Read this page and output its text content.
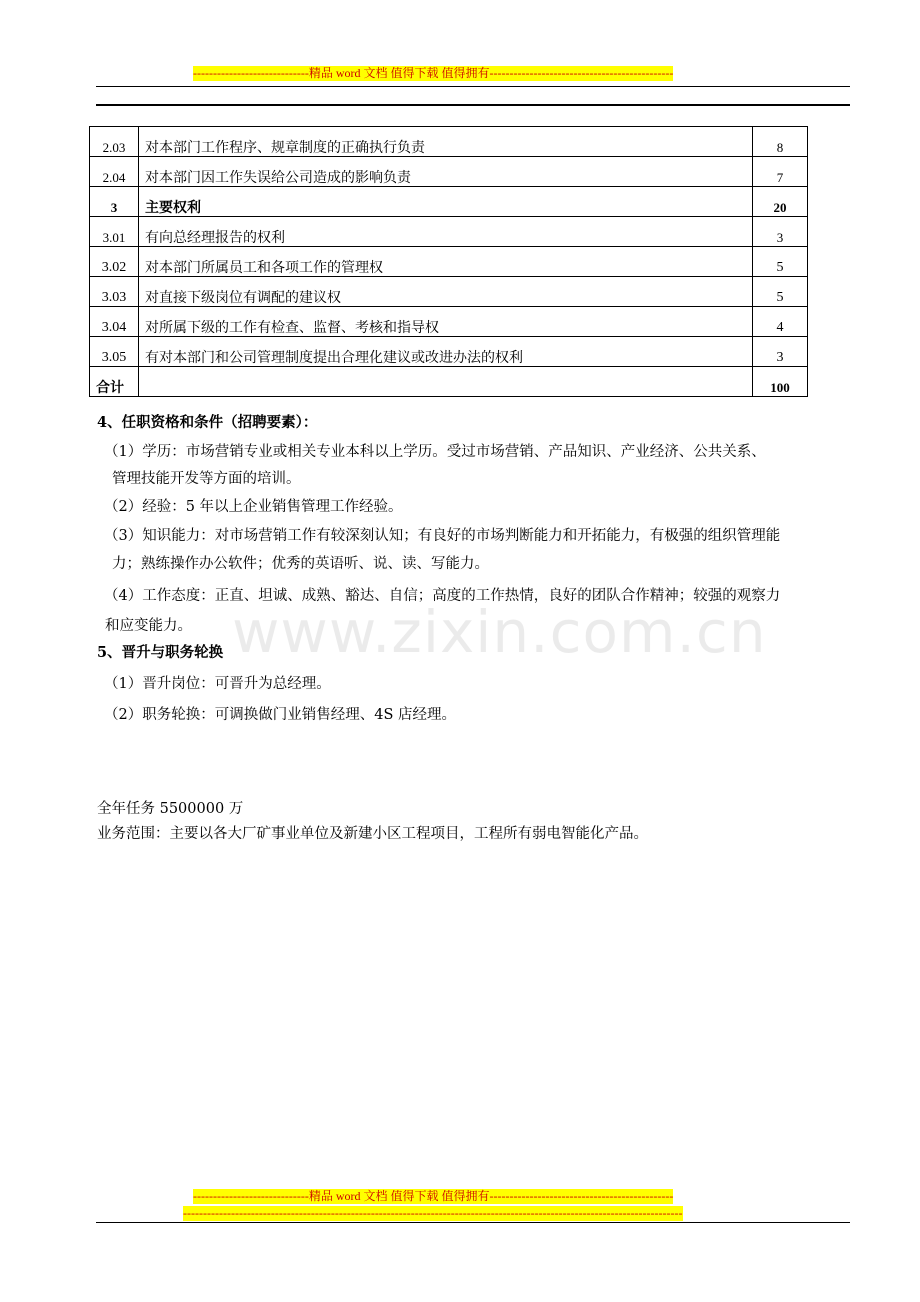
-----------------------------精品 word 文档 值得下载 值得拥有----------------------------------------------
2.03	对本部门工作程序、规章制度的正确执行负责	8
2.04	对本部门因工作失误给公司造成的影响负责	7
3	主要权利	20
3.01	有向总经理报告的权利	3
3.02	对本部门所属员工和各项工作的管理权	5
3.03	对直接下级岗位有调配的建议权	5
3.04	对所属下级的工作有检查、监督、考核和指导权	4
3.05	有对本部门和公司管理制度提出合理化建议或改进办法的权利	3
合计		100
4、任职资格和条件（招聘要素）：
（1）学历：市场营销专业或相关专业本科以上学历。受过市场营销、产品知识、产业经济、公共关系、
管理技能开发等方面的培训。
（2）经验：5 年以上企业销售管理工作经验。
（3）知识能力：对市场营销工作有较深刻认知；有良好的市场判断能力和开拓能力，有极强的组织管理能
力；熟练操作办公软件；优秀的英语听、说、读、写能力。
（4）工作态度：正直、坦诚、成熟、豁达、自信；高度的工作热情，良好的团队合作精神；较强的观察力
和应变能力。 www.zixin.com.cn
5、晋升与职务轮换
（1）晋升岗位：可晋升为总经理。
（2）职务轮换：可调换做门业销售经理、4S 店经理。
全年任务 5500000 万
业务范围：主要以各大厂矿事业单位及新建小区工程项目，工程所有弱电智能化产品。
-----------------------------精品 word 文档 值得下载 值得拥有----------------------------------------------
-----------------------------------------------------------------------------------------------------------------------------
